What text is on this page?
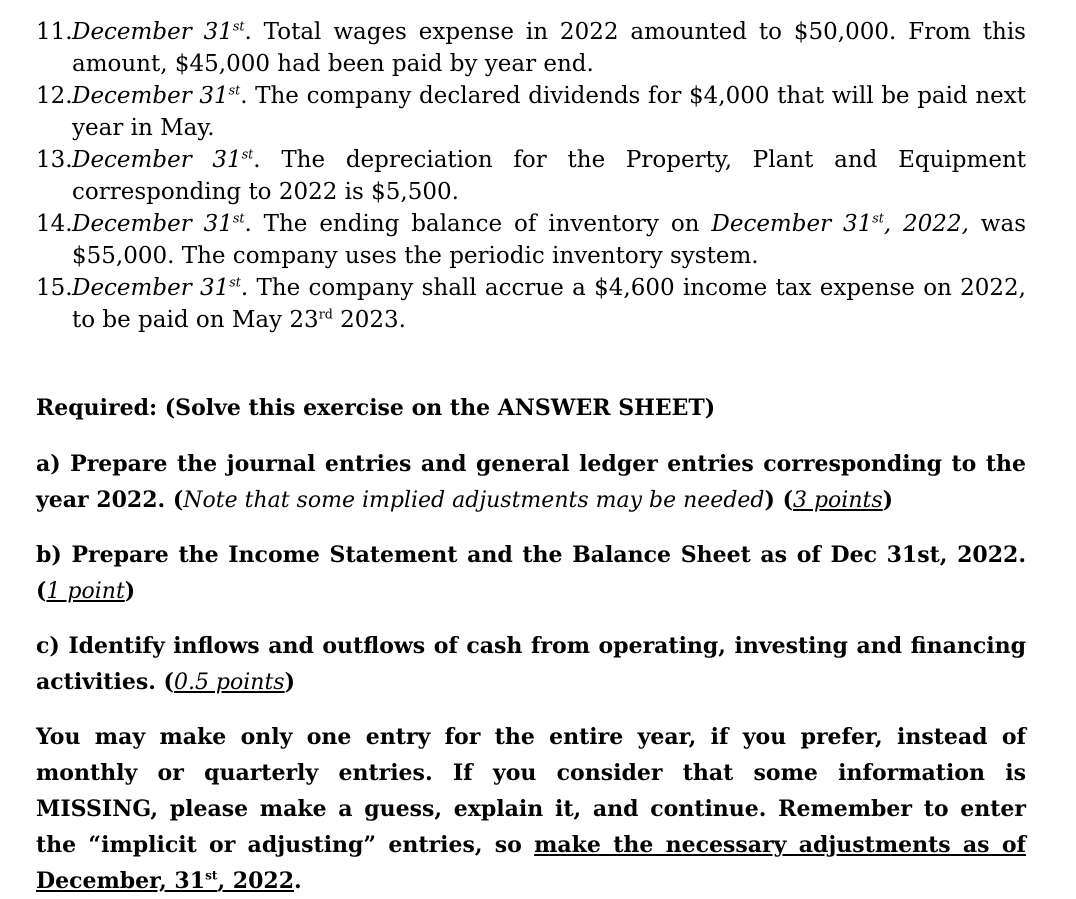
11. December 31st. Total wages expense in 2022 amounted to $50,000. From this amount, $45,000 had been paid by year end.
12. December 31st. The company declared dividends for $4,000 that will be paid next year in May.
13. December 31st. The depreciation for the Property, Plant and Equipment corresponding to 2022 is $5,500.
14. December 31st. The ending balance of inventory on December 31st, 2022, was $55,000. The company uses the periodic inventory system.
15. December 31st. The company shall accrue a $4,600 income tax expense on 2022, to be paid on May 23rd 2023.
Required: (Solve this exercise on the ANSWER SHEET)
a) Prepare the journal entries and general ledger entries corresponding to the year 2022. (Note that some implied adjustments may be needed) (3 points)
b) Prepare the Income Statement and the Balance Sheet as of Dec 31st, 2022. (1 point)
c) Identify inflows and outflows of cash from operating, investing and financing activities. (0.5 points)
You may make only one entry for the entire year, if you prefer, instead of monthly or quarterly entries. If you consider that some information is MISSING, please make a guess, explain it, and continue. Remember to enter the “implicit or adjusting” entries, so make the necessary adjustments as of December, 31st, 2022.
